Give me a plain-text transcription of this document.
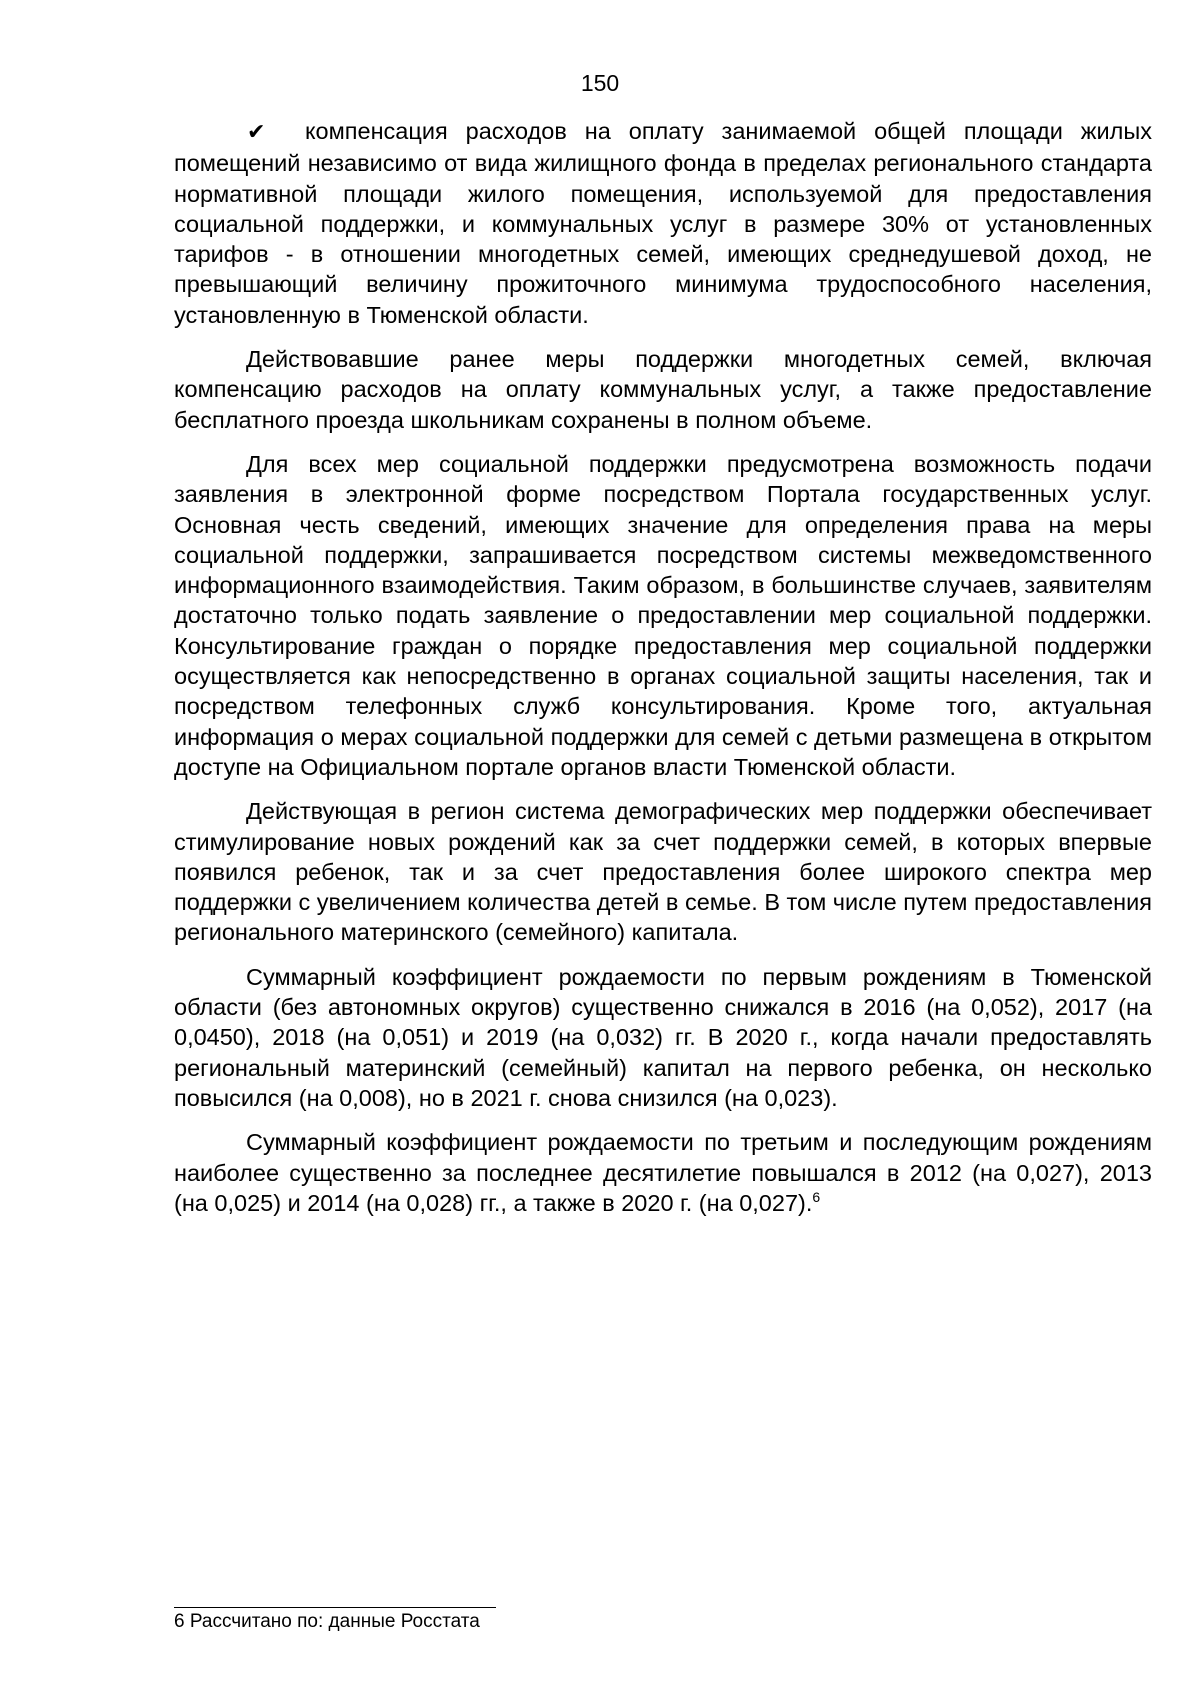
150

✔ компенсация расходов на оплату занимаемой общей площади жилых помещений независимо от вида жилищного фонда в пределах регионального стандарта нормативной площади жилого помещения, используемой для предоставления социальной поддержки, и коммунальных услуг в размере 30% от установленных тарифов - в отношении многодетных семей, имеющих среднедушевой доход, не превышающий величину прожиточного минимума трудоспособного населения, установленную в Тюменской области.

Действовавшие ранее меры поддержки многодетных семей, включая компенсацию расходов на оплату коммунальных услуг, а также предоставление бесплатного проезда школьникам сохранены в полном объеме.

Для всех мер социальной поддержки предусмотрена возможность подачи заявления в электронной форме посредством Портала государственных услуг. Основная честь сведений, имеющих значение для определения права на меры социальной поддержки, запрашивается посредством системы межведомственного информационного взаимодействия. Таким образом, в большинстве случаев, заявителям достаточно только подать заявление о предоставлении мер социальной поддержки. Консультирование граждан о порядке предоставления мер социальной поддержки осуществляется как непосредственно в органах социальной защиты населения, так и посредством телефонных служб консультирования. Кроме того, актуальная информация о мерах социальной поддержки для семей с детьми размещена в открытом доступе на Официальном портале органов власти Тюменской области.

Действующая в регион система демографических мер поддержки обеспечивает стимулирование новых рождений как за счет поддержки семей, в которых впервые появился ребенок, так и за счет предоставления более широкого спектра мер поддержки с увеличением количества детей в семье. В том числе путем предоставления регионального материнского (семейного) капитала.

Суммарный коэффициент рождаемости по первым рождениям в Тюменской области (без автономных округов) существенно снижался в 2016 (на 0,052), 2017 (на 0,0450), 2018 (на 0,051) и 2019 (на 0,032) гг. В 2020 г., когда начали предоставлять региональный материнский (семейный) капитал на первого ребенка, он несколько повысился (на 0,008), но в 2021 г. снова снизился (на 0,023).

Суммарный коэффициент рождаемости по третьим и последующим рождениям наиболее существенно за последнее десятилетие повышался в 2012 (на 0,027), 2013 (на 0,025) и 2014 (на 0,028) гг., а также в 2020 г. (на 0,027).$^6$

6 Рассчитано по: данные Росстата
